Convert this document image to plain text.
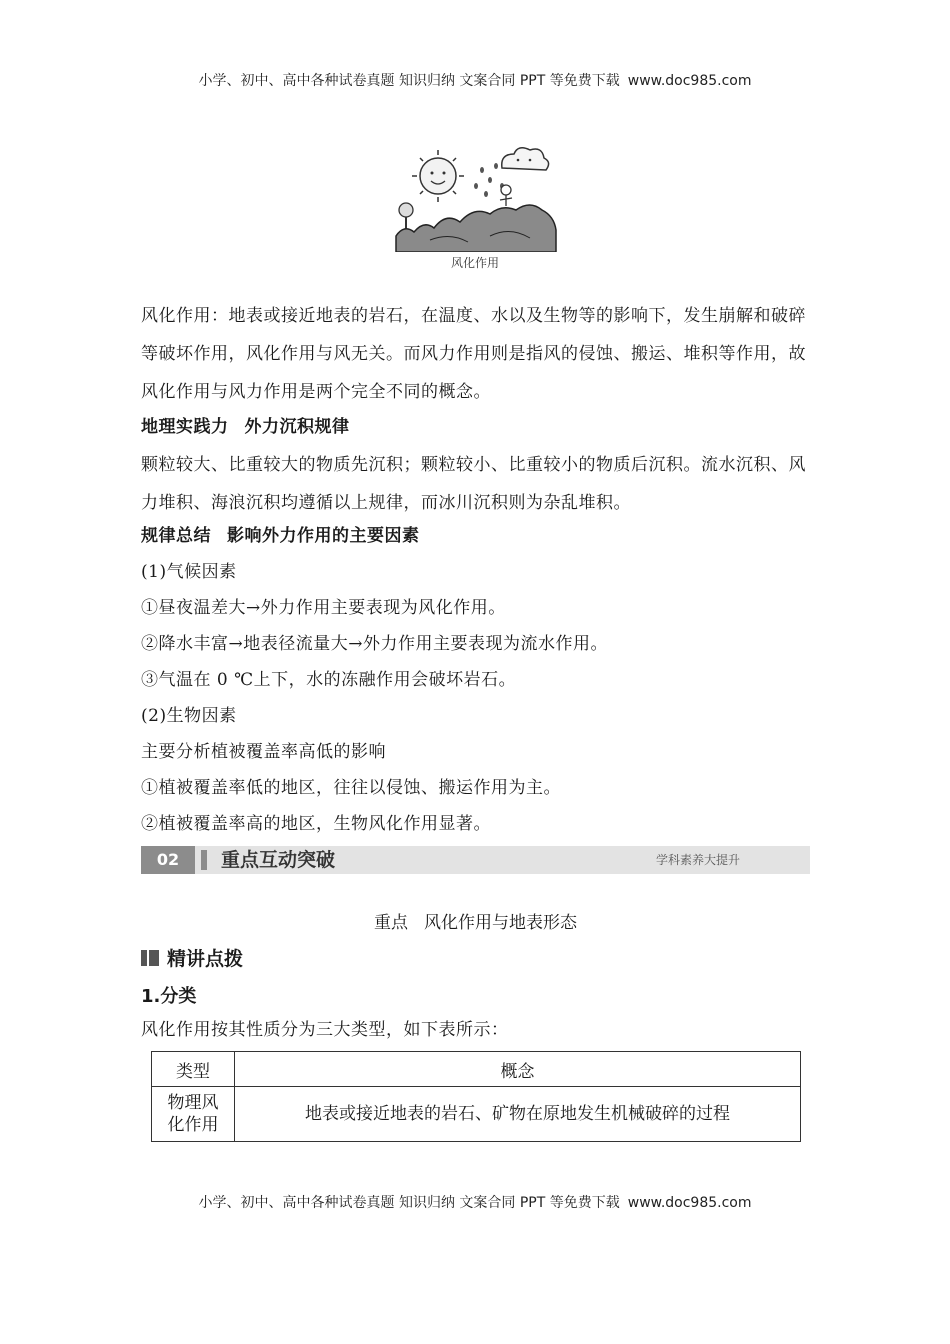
小学、初中、高中各种试卷真题 知识归纳 文案合同 PPT 等免费下载 www.doc985.com
风化作用
风化作用：地表或接近地表的岩石，在温度、水以及生物等的影响下，发生崩解和破碎等破坏作用，风化作用与风无关。而风力作用则是指风的侵蚀、搬运、堆积等作用，故风化作用与风力作用是两个完全不同的概念。
地理实践力 外力沉积规律
颗粒较大、比重较大的物质先沉积；颗粒较小、比重较小的物质后沉积。流水沉积、风力堆积、海浪沉积均遵循以上规律，而冰川沉积则为杂乱堆积。
规律总结 影响外力作用的主要因素
(1)气候因素
①昼夜温差大→外力作用主要表现为风化作用。
②降水丰富→地表径流量大→外力作用主要表现为流水作用。
③气温在 0 ℃上下，水的冻融作用会破坏岩石。
(2)生物因素
主要分析植被覆盖率高低的影响
①植被覆盖率低的地区，往往以侵蚀、搬运作用为主。
②植被覆盖率高的地区，生物风化作用显著。
02	重点互动突破	学科素养大提升
重点 风化作用与地表形态
精讲点拨
1.分类
风化作用按其性质分为三大类型，如下表所示：
类型	概念

物理风
化作用	地表或接近地表的岩石、矿物在原地发生机械破碎的过程
小学、初中、高中各种试卷真题 知识归纳 文案合同 PPT 等免费下载 www.doc985.com
